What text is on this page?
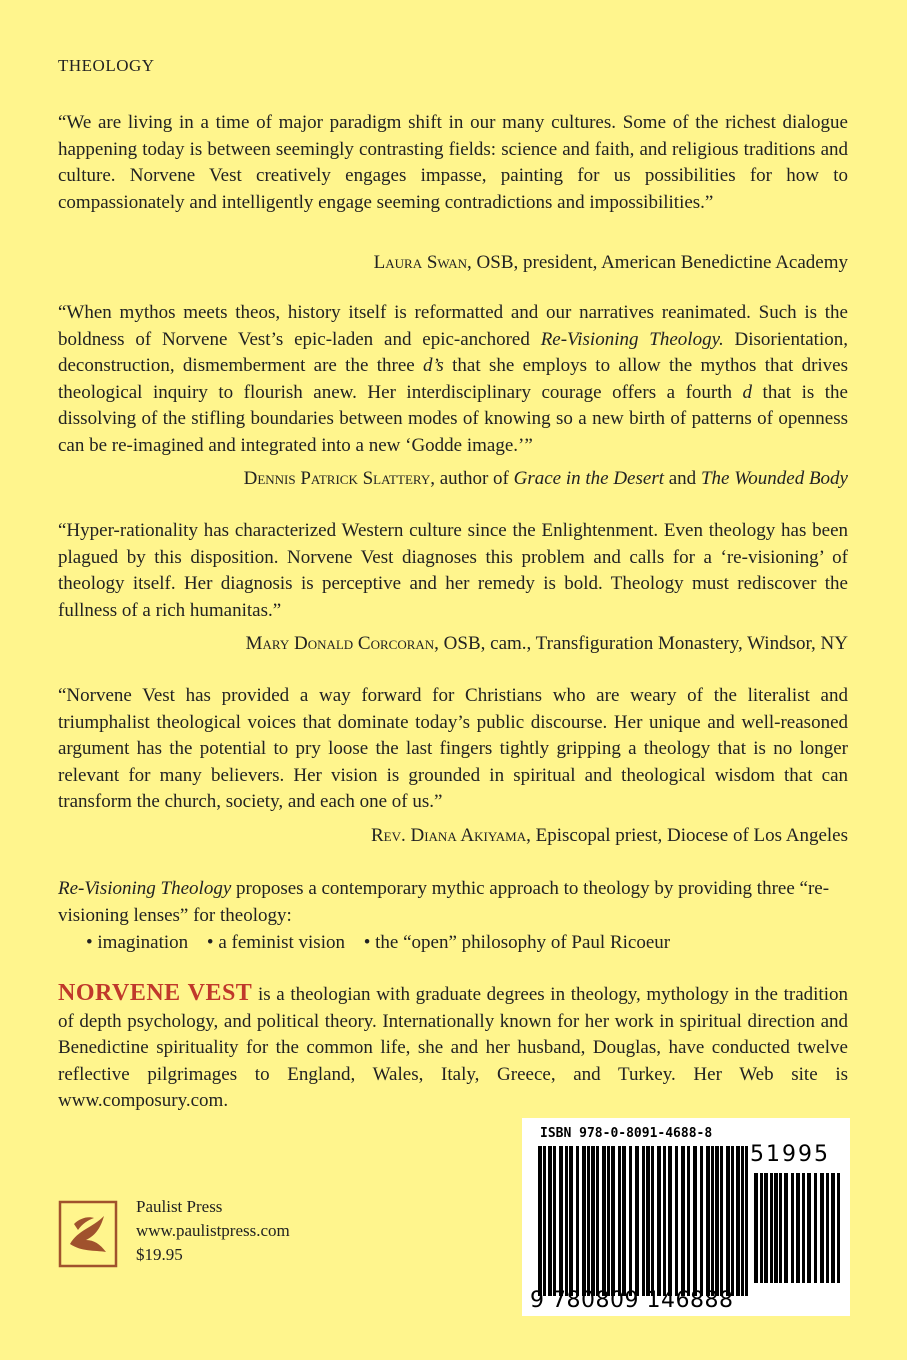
THEOLOGY
“We are living in a time of major paradigm shift in our many cultures. Some of the richest dialogue happening today is between seemingly contrasting fields: science and faith, and religious traditions and culture. Norvene Vest creatively engages impasse, painting for us possibilities for how to compassionately and intelligently engage seeming contradictions and impossibilities.”
Laura Swan, OSB, president, American Benedictine Academy
“When mythos meets theos, history itself is reformatted and our narratives reanimated. Such is the boldness of Norvene Vest’s epic-laden and epic-anchored Re-Visioning Theology. Disorientation, deconstruction, dismemberment are the three d’s that she employs to allow the mythos that drives theological inquiry to flourish anew. Her interdisciplinary courage offers a fourth d that is the dissolving of the stifling boundaries between modes of knowing so a new birth of patterns of openness can be re-imagined and integrated into a new ‘Godde image.’”
Dennis Patrick Slattery, author of Grace in the Desert and The Wounded Body
“Hyper-rationality has characterized Western culture since the Enlightenment. Even theology has been plagued by this disposition. Norvene Vest diagnoses this problem and calls for a ‘re-visioning’ of theology itself. Her diagnosis is perceptive and her remedy is bold. Theology must rediscover the fullness of a rich humanitas.”
Mary Donald Corcoran, OSB, cam., Transfiguration Monastery, Windsor, NY
“Norvene Vest has provided a way forward for Christians who are weary of the literalist and triumphalist theological voices that dominate today’s public discourse. Her unique and well-reasoned argument has the potential to pry loose the last fingers tightly gripping a theology that is no longer relevant for many believers. Her vision is grounded in spiritual and theological wisdom that can transform the church, society, and each one of us.”
Rev. Diana Akiyama, Episcopal priest, Diocese of Los Angeles
Re-Visioning Theology proposes a contemporary mythic approach to theology by providing three “re-visioning lenses” for theology:
• imagination • a feminist vision • the “open” philosophy of Paul Ricoeur
NORVENE VEST is a theologian with graduate degrees in theology, mythology in the tradition of depth psychology, and political theory. Internationally known for her work in spiritual direction and Benedictine spirituality for the common life, she and her husband, Douglas, have conducted twelve reflective pilgrimages to England, Wales, Italy, Greece, and Turkey. Her Web site is www.composury.com.
ISBN 978-0-8091-4688-8
51995
9 780809 146888
Paulist Press
www.paulistpress.com
$19.95
